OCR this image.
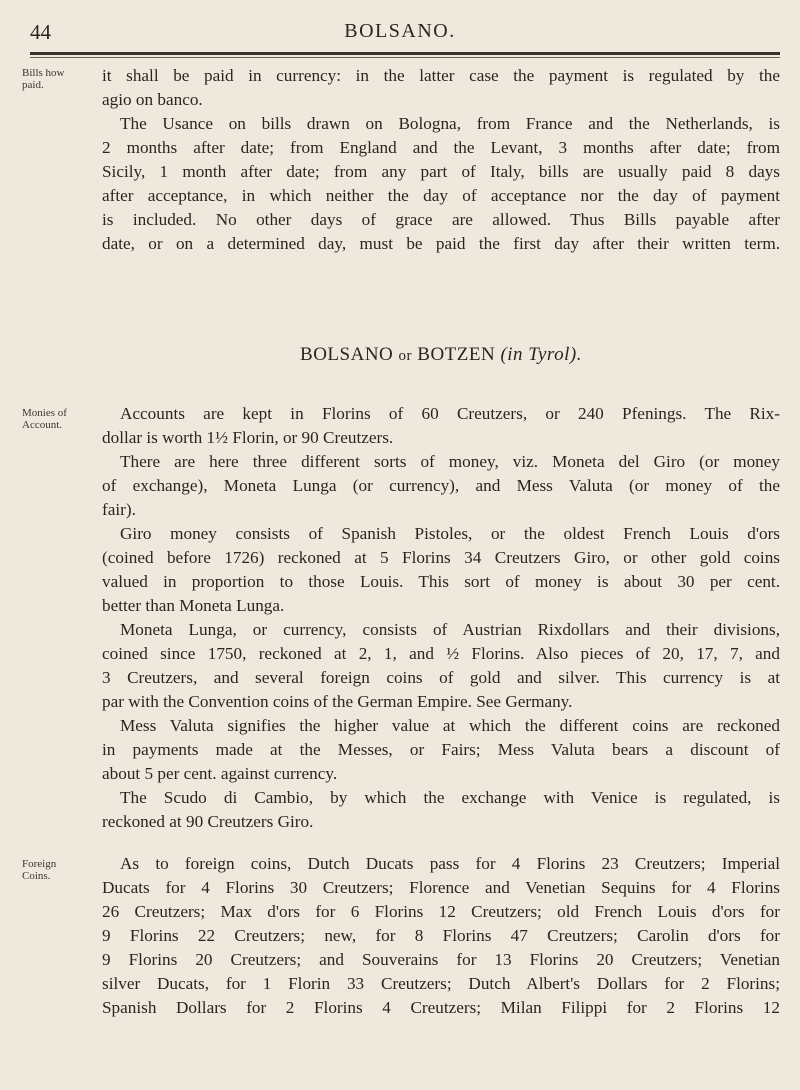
44	BOLSANO.
Bills how paid.
Monies of Account.
Foreign Coins.
it shall be paid in currency: in the latter case the payment is regulated by the
agio on banco.
The Usance on bills drawn on Bologna, from France and the Netherlands, is
2 months after date; from England and the Levant, 3 months after date; from
Sicily, 1 month after date; from any part of Italy, bills are usually paid 8 days
after acceptance, in which neither the day of acceptance nor the day of payment
is included. No other days of grace are allowed. Thus Bills payable after
date, or on a determined day, must be paid the first day after their written term.
BOLSANO or BOTZEN (in Tyrol).
Accounts are kept in Florins of 60 Creutzers, or 240 Pfenings. The Rix-
dollar is worth 1½ Florin, or 90 Creutzers.
There are here three different sorts of money, viz. Moneta del Giro (or money
of exchange), Moneta Lunga (or currency), and Mess Valuta (or money of the
fair).
Giro money consists of Spanish Pistoles, or the oldest French Louis d'ors
(coined before 1726) reckoned at 5 Florins 34 Creutzers Giro, or other gold coins
valued in proportion to those Louis. This sort of money is about 30 per cent.
better than Moneta Lunga.
Moneta Lunga, or currency, consists of Austrian Rixdollars and their divisions,
coined since 1750, reckoned at 2, 1, and ½ Florins. Also pieces of 20, 17, 7, and
3 Creutzers, and several foreign coins of gold and silver. This currency is at
par with the Convention coins of the German Empire. See Germany.
Mess Valuta signifies the higher value at which the different coins are reckoned
in payments made at the Messes, or Fairs; Mess Valuta bears a discount of
about 5 per cent. against currency.
The Scudo di Cambio, by which the exchange with Venice is regulated, is
reckoned at 90 Creutzers Giro.
As to foreign coins, Dutch Ducats pass for 4 Florins 23 Creutzers; Imperial
Ducats for 4 Florins 30 Creutzers; Florence and Venetian Sequins for 4 Florins
26 Creutzers; Max d'ors for 6 Florins 12 Creutzers; old French Louis d'ors for
9 Florins 22 Creutzers; new, for 8 Florins 47 Creutzers; Carolin d'ors for
9 Florins 20 Creutzers; and Souverains for 13 Florins 20 Creutzers; Venetian
silver Ducats, for 1 Florin 33 Creutzers; Dutch Albert's Dollars for 2 Florins;
Spanish Dollars for 2 Florins 4 Creutzers; Milan Filippi for 2 Florins 12
